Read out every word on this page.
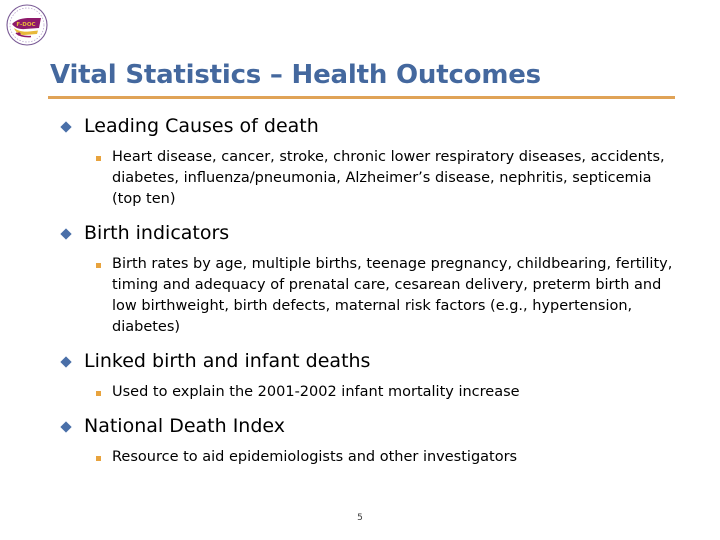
F-DOC
Vital Statistics – Health Outcomes
Leading Causes of death
Heart disease, cancer, stroke, chronic lower respiratory diseases, accidents, diabetes, influenza/pneumonia, Alzheimer’s disease, nephritis, septicemia (top ten)
Birth indicators
Birth rates by age, multiple births, teenage pregnancy, childbearing, fertility, timing and adequacy of prenatal care, cesarean delivery, preterm birth and low birthweight, birth defects, maternal risk factors (e.g., hypertension, diabetes)
Linked birth and infant deaths
Used to explain the 2001-2002 infant mortality increase
National Death Index
Resource to aid epidemiologists and other investigators
5
